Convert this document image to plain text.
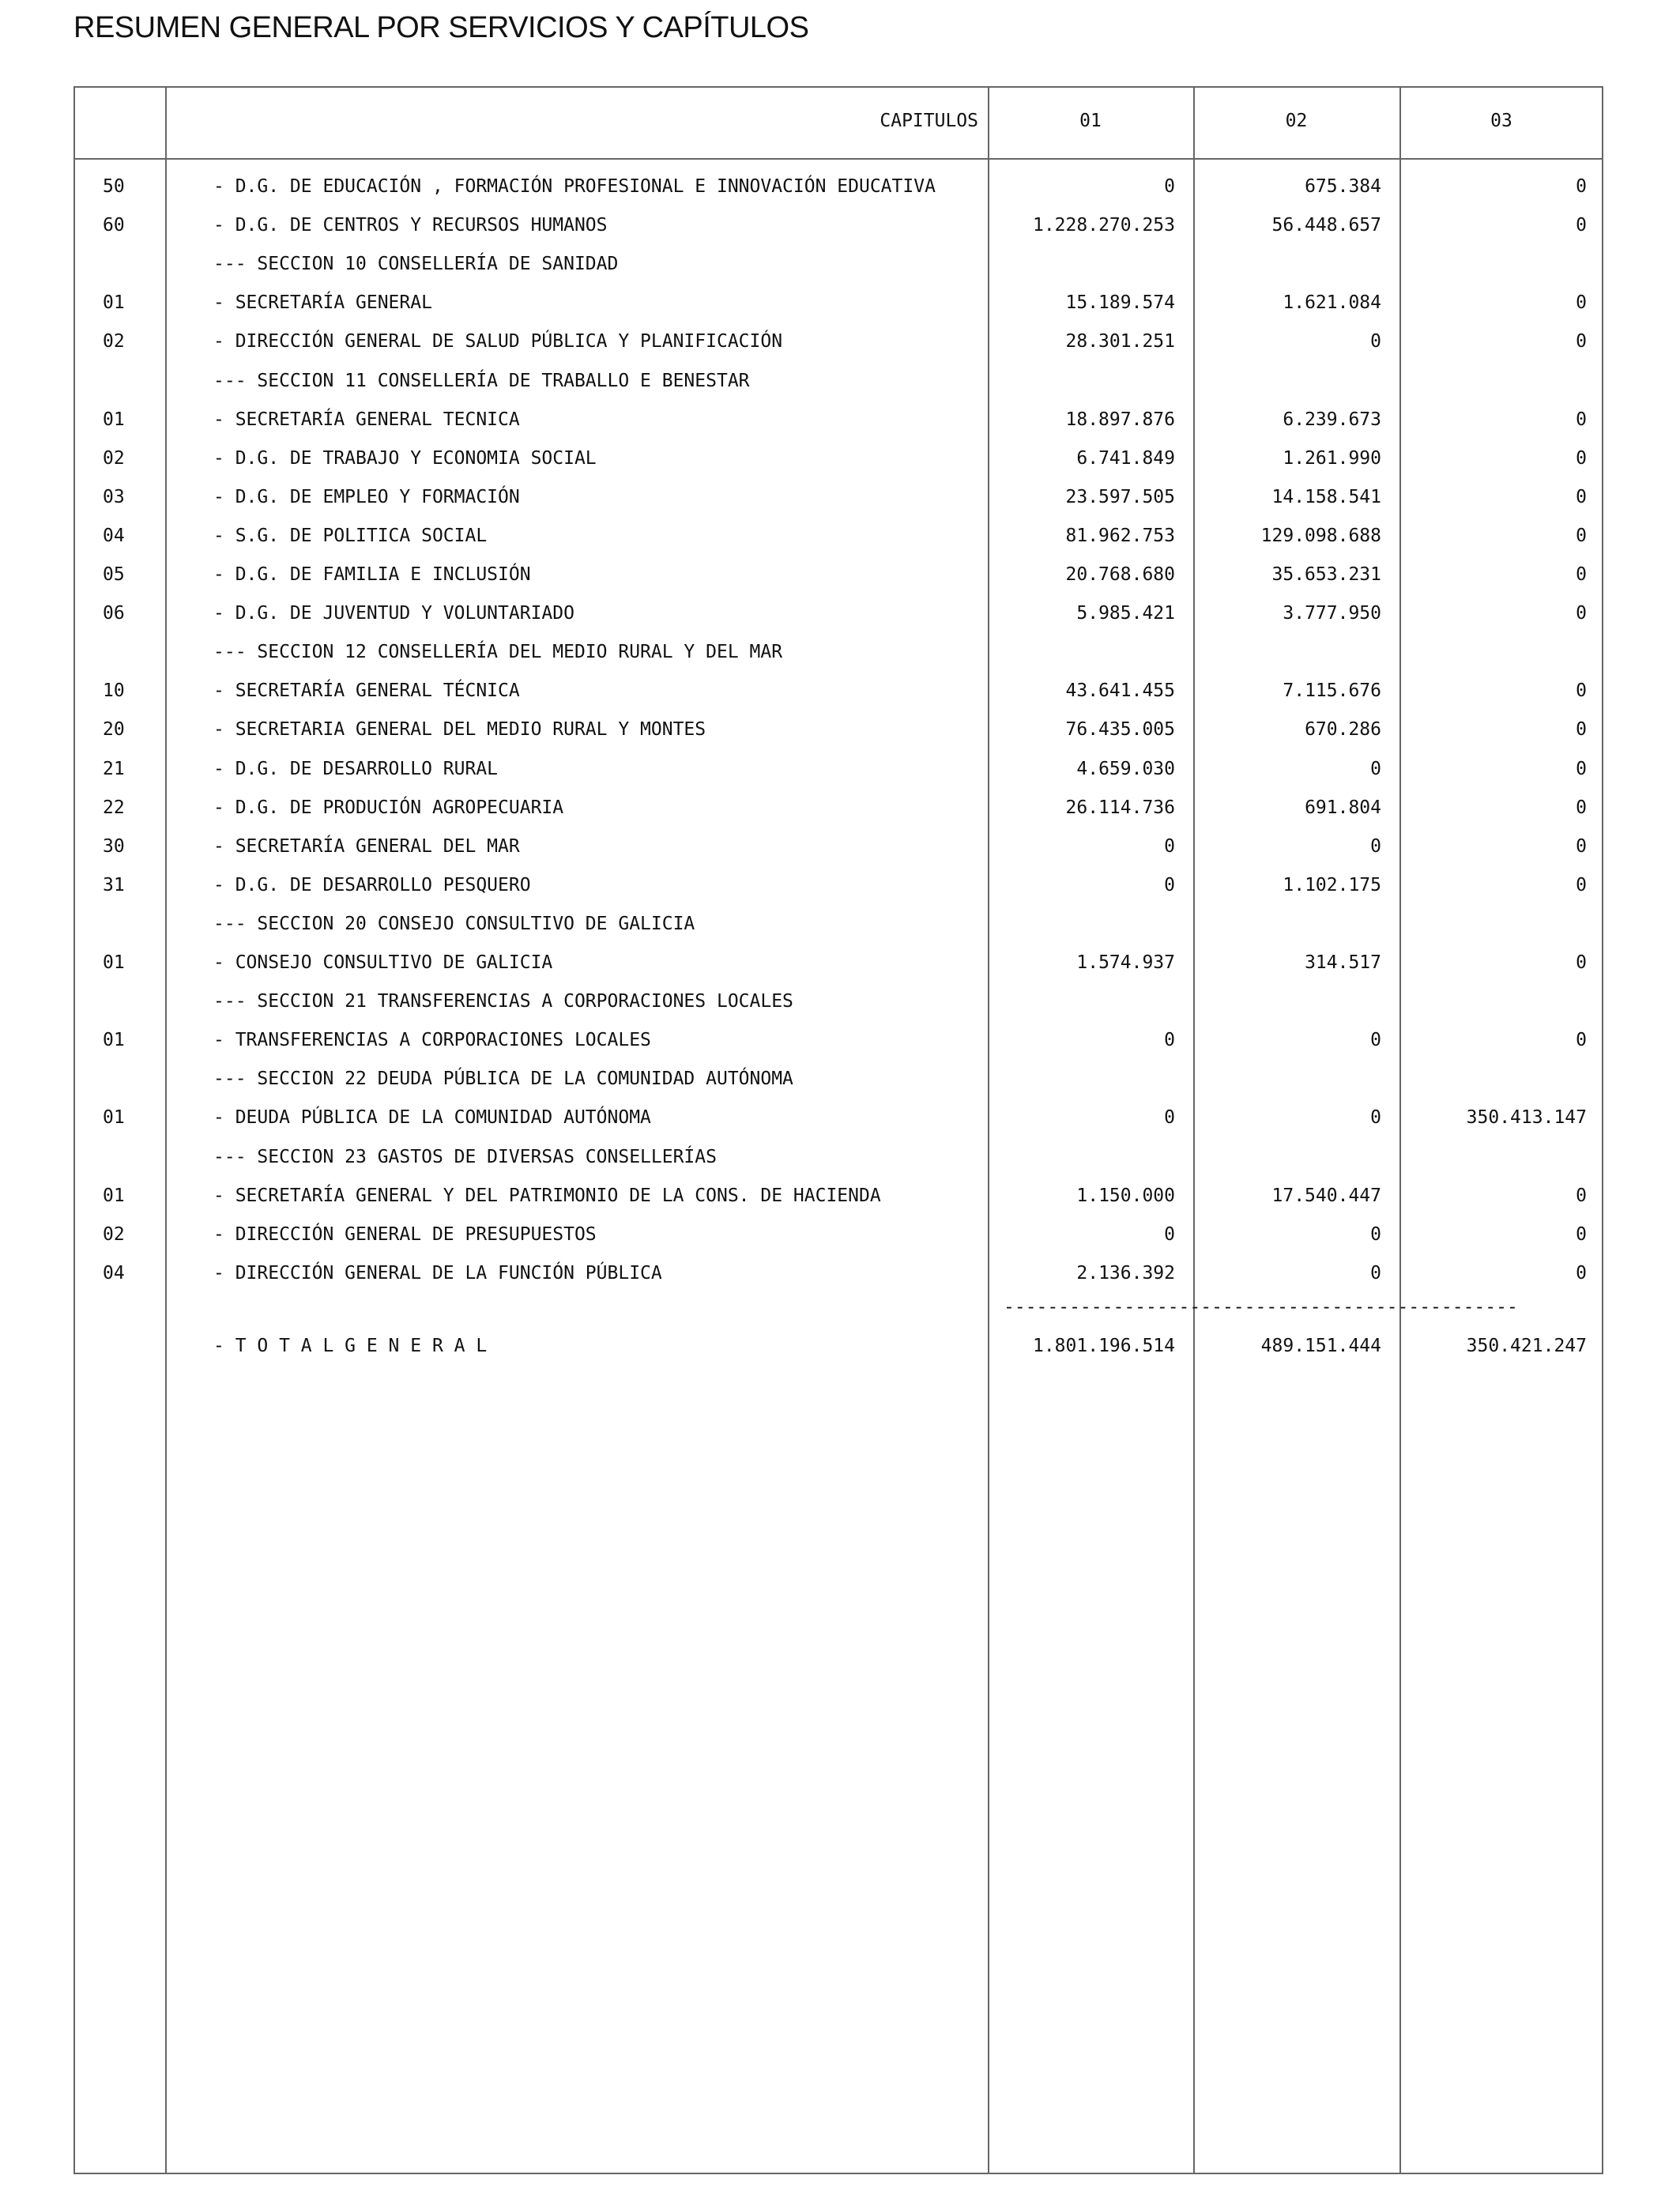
RESUMEN GENERAL POR SERVICIOS Y CAPÍTULOS
CAPITULOS	01	02	03
50	- D.G. DE EDUCACIÓN , FORMACIÓN PROFESIONAL E INNOVACIÓN EDUCATIVA	0	675.384	0
60	- D.G. DE CENTROS Y RECURSOS HUMANOS	1.228.270.253	56.448.657	0
--- SECCION 10 CONSELLERÍA DE SANIDAD
01	- SECRETARÍA GENERAL	15.189.574	1.621.084	0
02	- DIRECCIÓN GENERAL DE SALUD PÚBLICA Y PLANIFICACIÓN	28.301.251	0	0
--- SECCION 11 CONSELLERÍA DE TRABALLO E BENESTAR
01	- SECRETARÍA GENERAL TECNICA	18.897.876	6.239.673	0
02	- D.G. DE TRABAJO Y ECONOMIA SOCIAL	6.741.849	1.261.990	0
03	- D.G. DE EMPLEO Y FORMACIÓN	23.597.505	14.158.541	0
04	- S.G. DE POLITICA SOCIAL	81.962.753	129.098.688	0
05	- D.G. DE FAMILIA E INCLUSIÓN	20.768.680	35.653.231	0
06	- D.G. DE JUVENTUD Y VOLUNTARIADO	5.985.421	3.777.950	0
--- SECCION 12 CONSELLERÍA DEL MEDIO RURAL Y DEL MAR
10	- SECRETARÍA GENERAL TÉCNICA	43.641.455	7.115.676	0
20	- SECRETARIA GENERAL DEL MEDIO RURAL Y MONTES	76.435.005	670.286	0
21	- D.G. DE DESARROLLO RURAL	4.659.030	0	0
22	- D.G. DE PRODUCIÓN AGROPECUARIA	26.114.736	691.804	0
30	- SECRETARÍA GENERAL DEL MAR	0	0	0
31	- D.G. DE DESARROLLO PESQUERO	0	1.102.175	0
--- SECCION 20 CONSEJO CONSULTIVO DE GALICIA
01	- CONSEJO CONSULTIVO DE GALICIA	1.574.937	314.517	0
--- SECCION 21 TRANSFERENCIAS A CORPORACIONES LOCALES
01	- TRANSFERENCIAS A CORPORACIONES LOCALES	0	0	0
--- SECCION 22 DEUDA PÚBLICA DE LA COMUNIDAD AUTÓNOMA
01	- DEUDA PÚBLICA DE LA COMUNIDAD AUTÓNOMA	0	0	350.413.147
--- SECCION 23 GASTOS DE DIVERSAS CONSELLERÍAS
01	- SECRETARÍA GENERAL Y DEL PATRIMONIO DE LA CONS. DE HACIENDA	1.150.000	17.540.447	0
02	- DIRECCIÓN GENERAL DE PRESUPUESTOS	0	0	0
04	- DIRECCIÓN GENERAL DE LA FUNCIÓN PÚBLICA	2.136.392	0	0
-----------------------------------------------
- T O T A L G E N E R A L	1.801.196.514	489.151.444	350.421.247
